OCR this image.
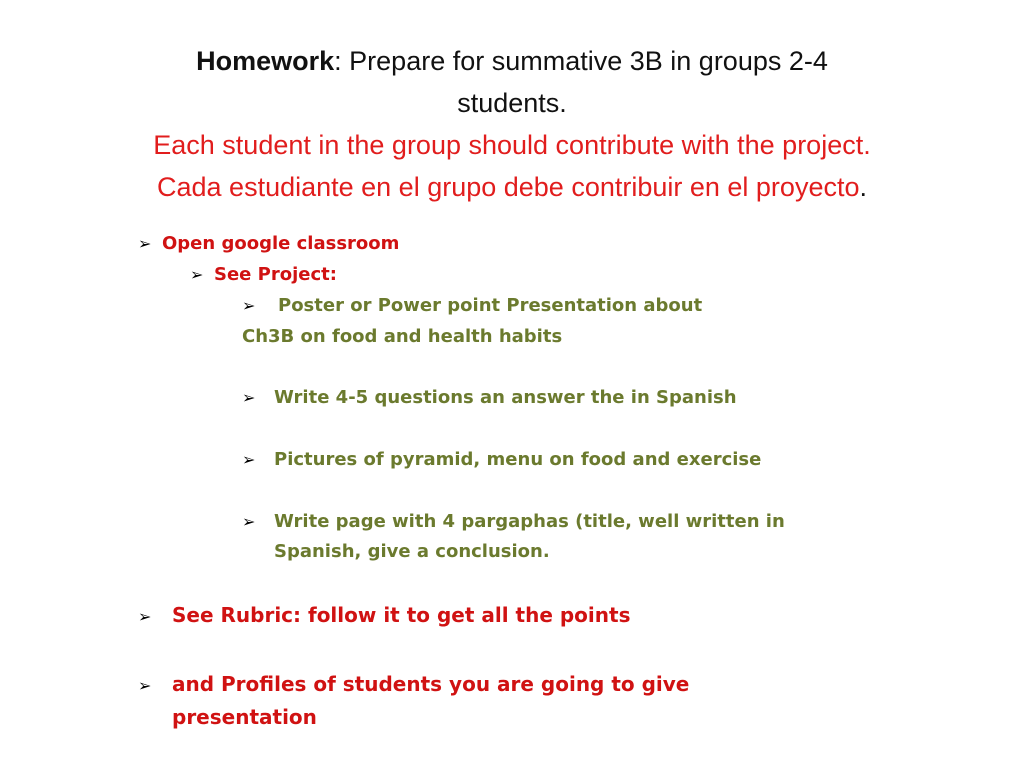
Homework: Prepare for summative 3B in groups 2-4
students.
Each student in the group should contribute with the project.
Cada estudiante en el grupo debe contribuir en el proyecto.
➢ Open google classroom
➢ See Project:
➢ Poster or Power point Presentation about
Ch3B on food and health habits
➢ Write 4-5 questions an answer the in Spanish
➢ Pictures of pyramid, menu on food and exercise
➢ Write page with 4 pargaphas (title, well written in
Spanish, give a conclusion.
➢ See Rubric: follow it to get all the points
➢ and Profiles of students you are going to give
presentation
